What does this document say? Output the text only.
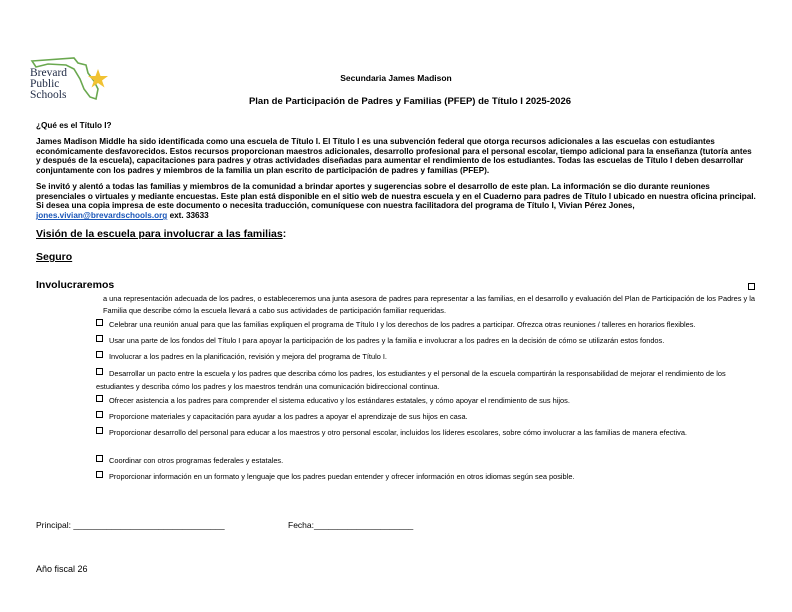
Brevard
Public
Schools
Secundaria James Madison
Plan de Participación de Padres y Familias (PFEP) de Título I 2025-2026
¿Qué es el Título I?
James Madison Middle ha sido identificada como una escuela de Título I. El Título I es una subvención federal que otorga recursos adicionales a las escuelas con estudiantes económicamente desfavorecidos. Estos recursos proporcionan maestros adicionales, desarrollo profesional para el personal escolar, tiempo adicional para la enseñanza (tutoría antes y después de la escuela), capacitaciones para padres y otras actividades diseñadas para aumentar el rendimiento de los estudiantes. Todas las escuelas de Título I deben desarrollar conjuntamente con los padres y miembros de la familia un plan escrito de participación de padres y familias (PFEP).
Se invitó y alentó a todas las familias y miembros de la comunidad a brindar aportes y sugerencias sobre el desarrollo de este plan. La información se dio durante reuniones presenciales o virtuales y mediante encuestas. Este plan está disponible en el sitio web de nuestra escuela y en el Cuaderno para padres de Título I ubicado en nuestra oficina principal. Si desea una copia impresa de este documento o necesita traducción, comuníquese con nuestra facilitadora del programa de Título I, Vivian Pérez Jones, jones.vivian@brevardschools.org ext. 33633
Visión de la escuela para involucrar a las familias:
Seguro
Involucraremos
a una representación adecuada de los padres, o estableceremos una junta asesora de padres para representar a las familias, en el desarrollo y evaluación del Plan de Participación de los Padres y la Familia que describe cómo la escuela llevará a cabo sus actividades de participación familiar requeridas.
Celebrar una reunión anual para que las familias expliquen el programa de Título I y los derechos de los padres a participar. Ofrezca otras reuniones / talleres en horarios flexibles.
Usar una parte de los fondos del Título I para apoyar la participación de los padres y la familia e involucrar a los padres en la decisión de cómo se utilizarán estos fondos.
Involucrar a los padres en la planificación, revisión y mejora del programa de Título I.
Desarrollar un pacto entre la escuela y los padres que describa cómo los padres, los estudiantes y el personal de la escuela compartirán la responsabilidad de mejorar el rendimiento de los estudiantes y describa cómo los padres y los maestros tendrán una comunicación bidireccional continua.
Ofrecer asistencia a los padres para comprender el sistema educativo y los estándares estatales, y cómo apoyar el rendimiento de sus hijos.
Proporcione materiales y capacitación para ayudar a los padres a apoyar el aprendizaje de sus hijos en casa.
Proporcionar desarrollo del personal para educar a los maestros y otro personal escolar, incluidos los líderes escolares, sobre cómo involucrar a las familias de manera efectiva.
Coordinar con otros programas federales y estatales.
Proporcionar información en un formato y lenguaje que los padres puedan entender y ofrecer información en otros idiomas según sea posible.
Principal: ________________________________	Fecha:_____________________
Año fiscal 26
